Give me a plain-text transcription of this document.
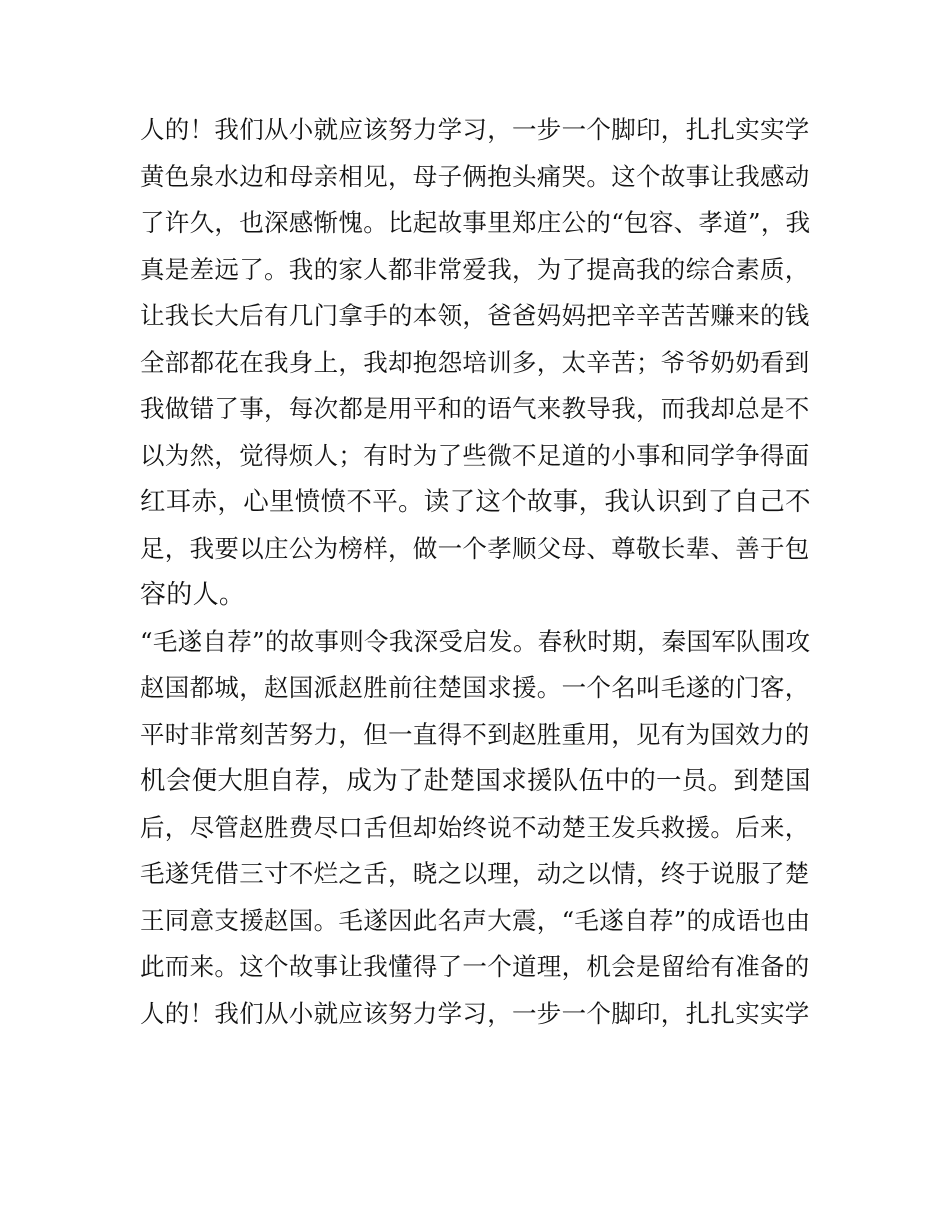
人的！我们从小就应该努力学习，一步一个脚印，扎扎实实学
黄色泉水边和母亲相见，母子俩抱头痛哭。这个故事让我感动
了许久，也深感惭愧。比起故事里郑庄公的“包容、孝道”，我
真是差远了。我的家人都非常爱我，为了提高我的综合素质，
让我长大后有几门拿手的本领，爸爸妈妈把辛辛苦苦赚来的钱
全部都花在我身上，我却抱怨培训多，太辛苦；爷爷奶奶看到
我做错了事，每次都是用平和的语气来教导我，而我却总是不
以为然，觉得烦人；有时为了些微不足道的小事和同学争得面
红耳赤，心里愤愤不平。读了这个故事，我认识到了自己不
足，我要以庄公为榜样，做一个孝顺父母、尊敬长辈、善于包
容的人。
“毛遂自荐”的故事则令我深受启发。春秋时期，秦国军队围攻
赵国都城，赵国派赵胜前往楚国求援。一个名叫毛遂的门客，
平时非常刻苦努力，但一直得不到赵胜重用，见有为国效力的
机会便大胆自荐，成为了赴楚国求援队伍中的一员。到楚国
后，尽管赵胜费尽口舌但却始终说不动楚王发兵救援。后来，
毛遂凭借三寸不烂之舌，晓之以理，动之以情，终于说服了楚
王同意支援赵国。毛遂因此名声大震，“毛遂自荐”的成语也由
此而来。这个故事让我懂得了一个道理，机会是留给有准备的
人的！我们从小就应该努力学习，一步一个脚印，扎扎实实学
